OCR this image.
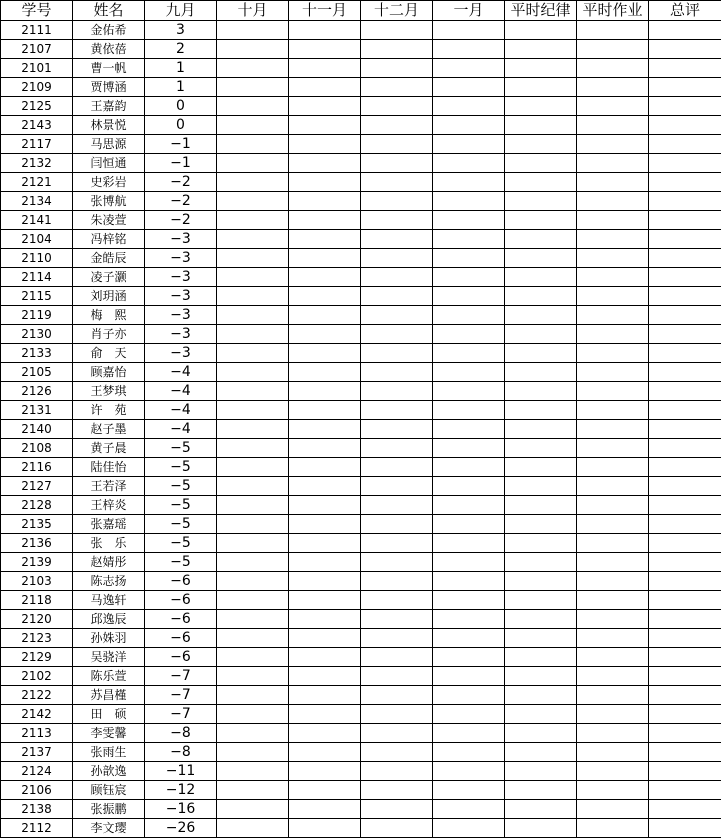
学号	姓名	九月	十月	十一月	十二月	一月	平时纪律	平时作业	总评
2111	金佑希	3							
2107	黄依蓓	2							
2101	曹一帆	1							
2109	贾博涵	1							
2125	王嘉韵	0							
2143	林景悦	0							
2117	马思源	−1							
2132	闫恒通	−1							
2121	史彩岩	−2							
2134	张博航	−2							
2141	朱凌萱	−2							
2104	冯梓铭	−3							
2110	金皓辰	−3							
2114	凌子灏	−3							
2115	刘玥涵	−3							
2119	梅　熙	−3							
2130	肖子亦	−3							
2133	俞　天	−3							
2105	顾嘉怡	−4							
2126	王梦琪	−4							
2131	许　苑	−4							
2140	赵子墨	−4							
2108	黄子晨	−5							
2116	陆佳怡	−5							
2127	王若泽	−5							
2128	王梓炎	−5							
2135	张嘉瑶	−5							
2136	张　乐	−5							
2139	赵婧彤	−5							
2103	陈志扬	−6							
2118	马逸轩	−6							
2120	邱逸辰	−6							
2123	孙姝羽	−6							
2129	吴骁洋	−6							
2102	陈乐萱	−7							
2122	苏昌槿	−7							
2142	田　硕	−7							
2113	李雯馨	−8							
2137	张雨生	−8							
2124	孙歆逸	−11							
2106	顾钰宸	−12							
2138	张振鹏	−16							
2112	李文璎	−26							
